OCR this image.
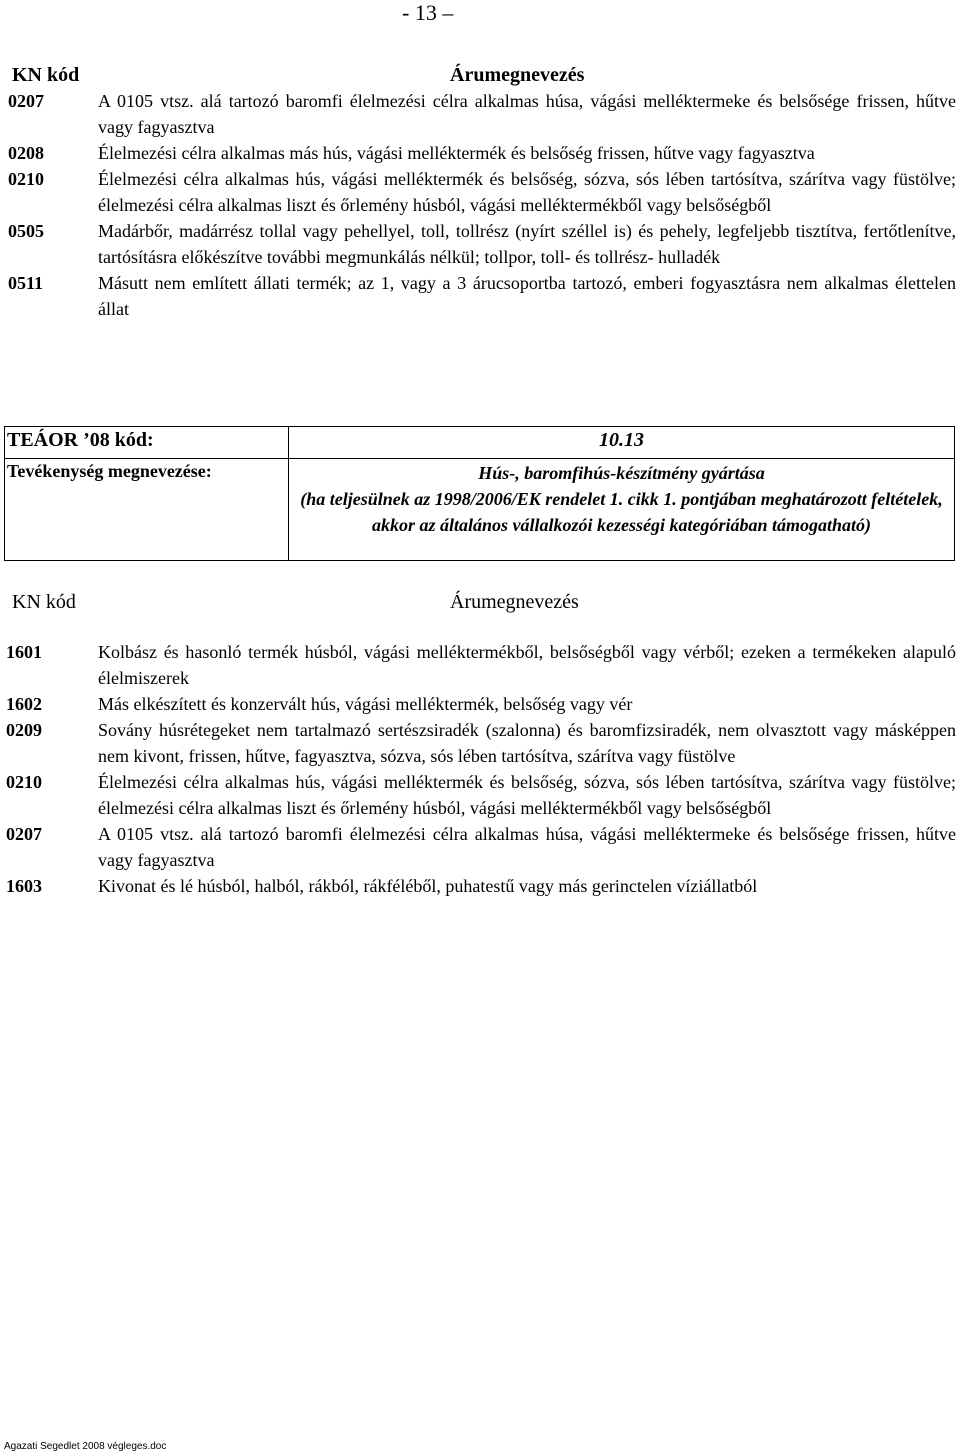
- 13 –
KN kód	Árumegnevezés
0207	A 0105 vtsz. alá tartozó baromfi élelmezési célra alkalmas húsa, vágási melléktermeke és belsősége frissen, hűtve vagy fagyasztva
0208	Élelmezési célra alkalmas más hús, vágási melléktermék és belsőség frissen, hűtve vagy fagyasztva
0210	Élelmezési célra alkalmas hús, vágási melléktermék és belsőség, sózva, sós lében tartósítva, szárítva vagy füstölve; élelmezési célra alkalmas liszt és őrlemény húsból, vágási melléktermékből vagy belsőségből
0505	Madárbőr, madárrész tollal vagy pehellyel, toll, tollrész (nyírt széllel is) és pehely, legfeljebb tisztítva, fertőtlenítve, tartósításra előkészítve további megmunkálás nélkül; tollpor, toll- és tollrész- hulladék
0511	Másutt nem említett állati termék; az 1, vagy a 3 árucsoportba tartozó, emberi fogyasztásra nem alkalmas élettelen állat
TEÁOR ’08 kód:	10.13
Tevékenység megnevezése:	Hús-, baromfihús-készítmény gyártása
(ha teljesülnek az 1998/2006/EK rendelet 1. cikk 1. pontjában meghatározott feltételek, akkor az általános vállalkozói kezességi kategóriában támogatható)
KN kód	Árumegnevezés
1601	Kolbász és hasonló termék húsból, vágási melléktermékből, belsőségből vagy vérből; ezeken a termékeken alapuló élelmiszerek
1602	Más elkészített és konzervált hús, vágási melléktermék, belsőség vagy vér
0209	Sovány húsrétegeket nem tartalmazó sertészsiradék (szalonna) és baromfizsiradék, nem olvasztott vagy másképpen nem kivont, frissen, hűtve, fagyasztva, sózva, sós lében tartósítva, szárítva vagy füstölve
0210	Élelmezési célra alkalmas hús, vágási melléktermék és belsőség, sózva, sós lében tartósítva, szárítva vagy füstölve; élelmezési célra alkalmas liszt és őrlemény húsból, vágási melléktermékből vagy belsőségből
0207	A 0105 vtsz. alá tartozó baromfi élelmezési célra alkalmas húsa, vágási melléktermeke és belsősége frissen, hűtve vagy fagyasztva
1603	Kivonat és lé húsból, halból, rákból, rákféléből, puhatestű vagy más gerinctelen víziállatból
Agazati Segedlet 2008 végleges.doc
